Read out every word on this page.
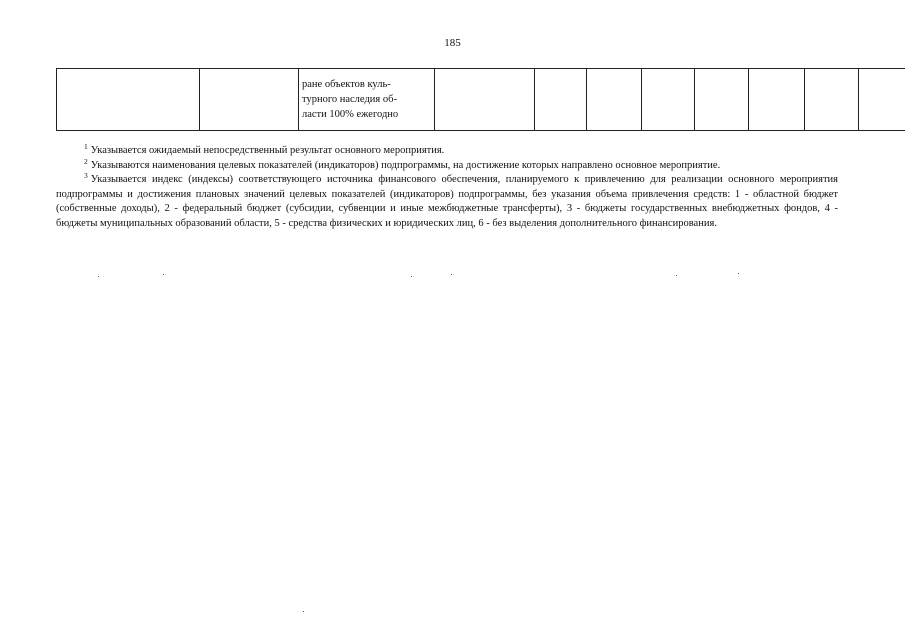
185
		ране объектов куль-
турного наследия об-
ласти 100% ежегодно								

$^1$ Указывается ожидаемый непосредственный результат основного мероприятия.

$^2$ Указываются наименования целевых показателей (индикаторов) подпрограммы, на достижение которых направлено основное мероприятие.

$^3$ Указывается индекс (индексы) соответствующего источника финансового обеспечения, планируемого к привлечению для реализации основного мероприятия подпрограммы и достижения плановых значений целевых показателей (индикаторов) подпрограммы, без указания объема привлечения средств: 1 - областной бюджет (собственные доходы), 2 - федеральный бюджет (субсидии, субвенции и иные межбюджетные трансферты), 3 - бюджеты государственных внебюджетных фондов, 4 - бюджеты муниципальных образований области, 5 - средства физических и юридических лиц, 6 - без выделения дополнительного финансирования.
